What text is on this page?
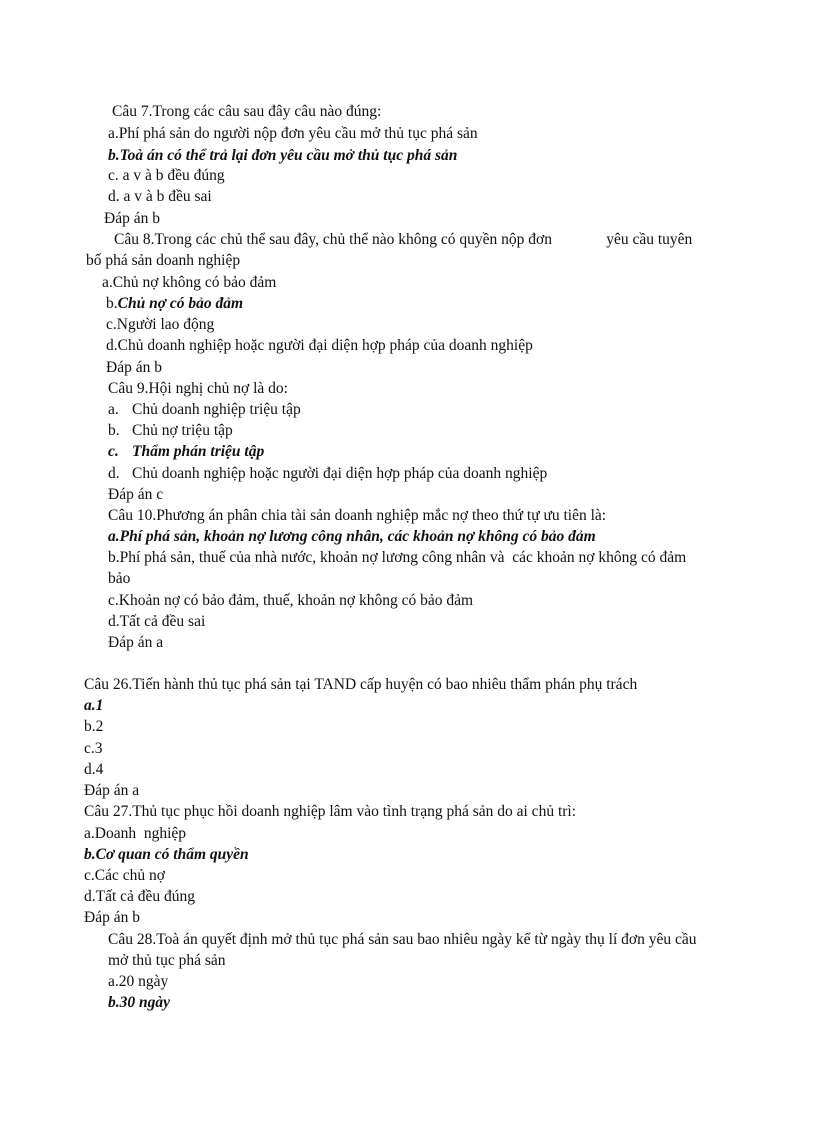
Câu 7.Trong các câu sau đây câu nào đúng:
a.Phí phá sản do người nộp đơn yêu cầu mở thủ tục phá sản
b.Toà án có thể trả lại đơn yêu cầu mở thủ tục phá sản
c. a v à b đều đúng
d. a v à b đều sai
Đáp án b
Câu 8.Trong các chủ thể sau đây, chủ thể nào không có quyền nộp đơn              yêu cầu tuyên
bố phá sản doanh nghiệp
a.Chủ nợ không có bảo đảm
b.Chủ nợ có bảo đảm
c.Người lao động
d.Chủ doanh nghiệp hoặc người đại diện hợp pháp của doanh nghiệp
Đáp án b
Câu 9.Hội nghị chủ nợ là do:
a. Chủ doanh nghiệp triệu tập
b. Chủ nợ triệu tập
c. Thẩm phán triệu tập
d. Chủ doanh nghiệp hoặc người đại diện hợp pháp của doanh nghiệp
Đáp án c
Câu 10.Phương án phân chia tài sản doanh nghiệp mắc nợ theo thứ tự ưu tiên là:
a.Phí phá sản, khoản nợ lương công nhân, các khoản nợ không có bảo đảm
b.Phí phá sản, thuế của nhà nước, khoản nợ lương công nhân và  các khoản nợ không có đảm
bảo
c.Khoản nợ có bảo đảm, thuế, khoản nợ không có bảo đảm
d.Tất cả đều sai
Đáp án a
Câu 26.Tiến hành thủ tục phá sản tại TAND cấp huyện có bao nhiêu thẩm phán phụ trách
a.1
b.2
c.3
d.4
Đáp án a
Câu 27.Thủ tục phục hồi doanh nghiệp lâm vào tình trạng phá sản do ai chủ trì:
a.Doanh  nghiệp
b.Cơ quan có thẩm quyền
c.Các chủ nợ
d.Tất cả đều đúng
Đáp án b
Câu 28.Toà án quyết định mở thủ tục phá sản sau bao nhiêu ngày kể từ ngày thụ lí đơn yêu cầu
mở thủ tục phá sản
a.20 ngày
b.30 ngày
